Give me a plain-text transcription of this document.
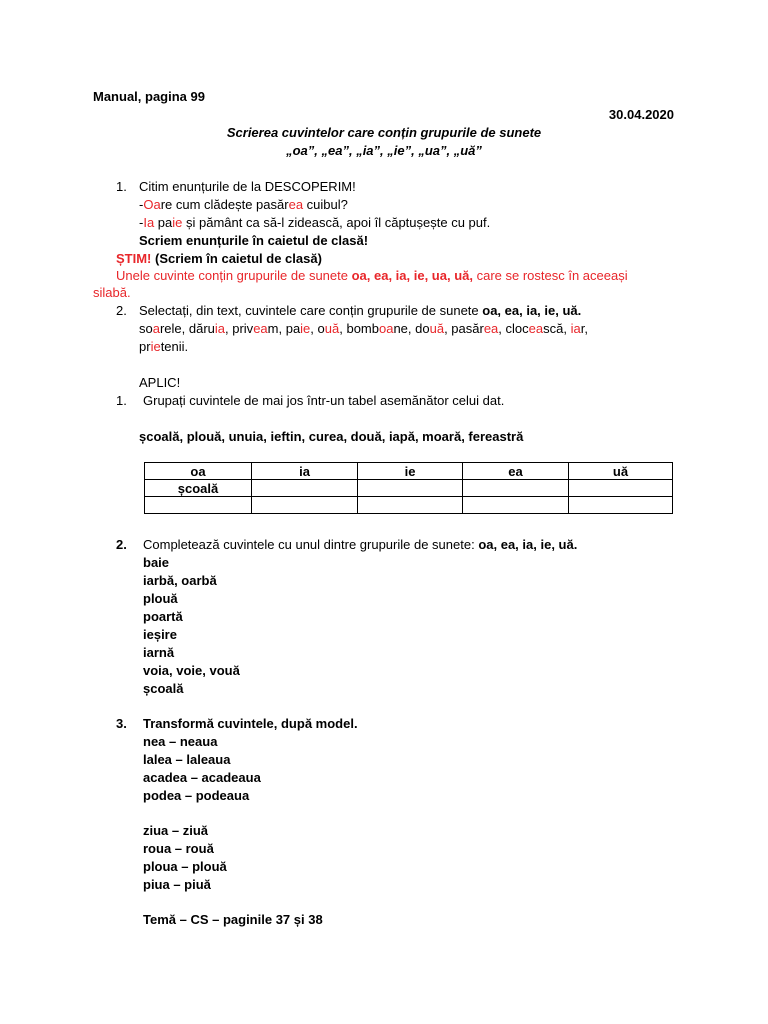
Manual, pagina 99
30.04.2020
Scrierea cuvintelor care conțin grupurile de sunete
„oa”, „ea”, „ia”, „ie”, „ua”, „uă”
1. Citim enunțurile de la DESCOPERIM!
-Oare cum clădește pasărea cuibul?
-Ia paie și pământ ca să-l zidească, apoi îl căptușește cu puf.
Scriem enunțurile în caietul de clasă!
ȘTIM! (Scriem în caietul de clasă)
Unele cuvinte conțin grupurile de sunete oa, ea, ia, ie, ua, uă, care se rostesc în aceeași
silabă.
2. Selectați, din text, cuvintele care conțin grupurile de sunete oa, ea, ia, ie, uă.
soarele, dăruia, priveam, paie, ouă, bomboane, două, pasărea, clocească, iar,
prietenii.
APLIC!
1. Grupați cuvintele de mai jos într-un tabel asemănător celui dat.
școală, plouă, unuia, ieftin, curea, două, iapă, moară, fereastră
oa	ia	ie	ea	uă
școală				

2. Completează cuvintele cu unul dintre grupurile de sunete: oa, ea, ia, ie, uă.
baie
iarbă, oarbă
plouă
poartă
ieșire
iarnă
voia, voie, vouă
școală
3. Transformă cuvintele, după model.
nea – neaua
lalea – laleaua
acadea – acadeaua
podea – podeaua
ziua – ziuă
roua – rouă
ploua – plouă
piua – piuă
Temă – CS – paginile 37 și 38
